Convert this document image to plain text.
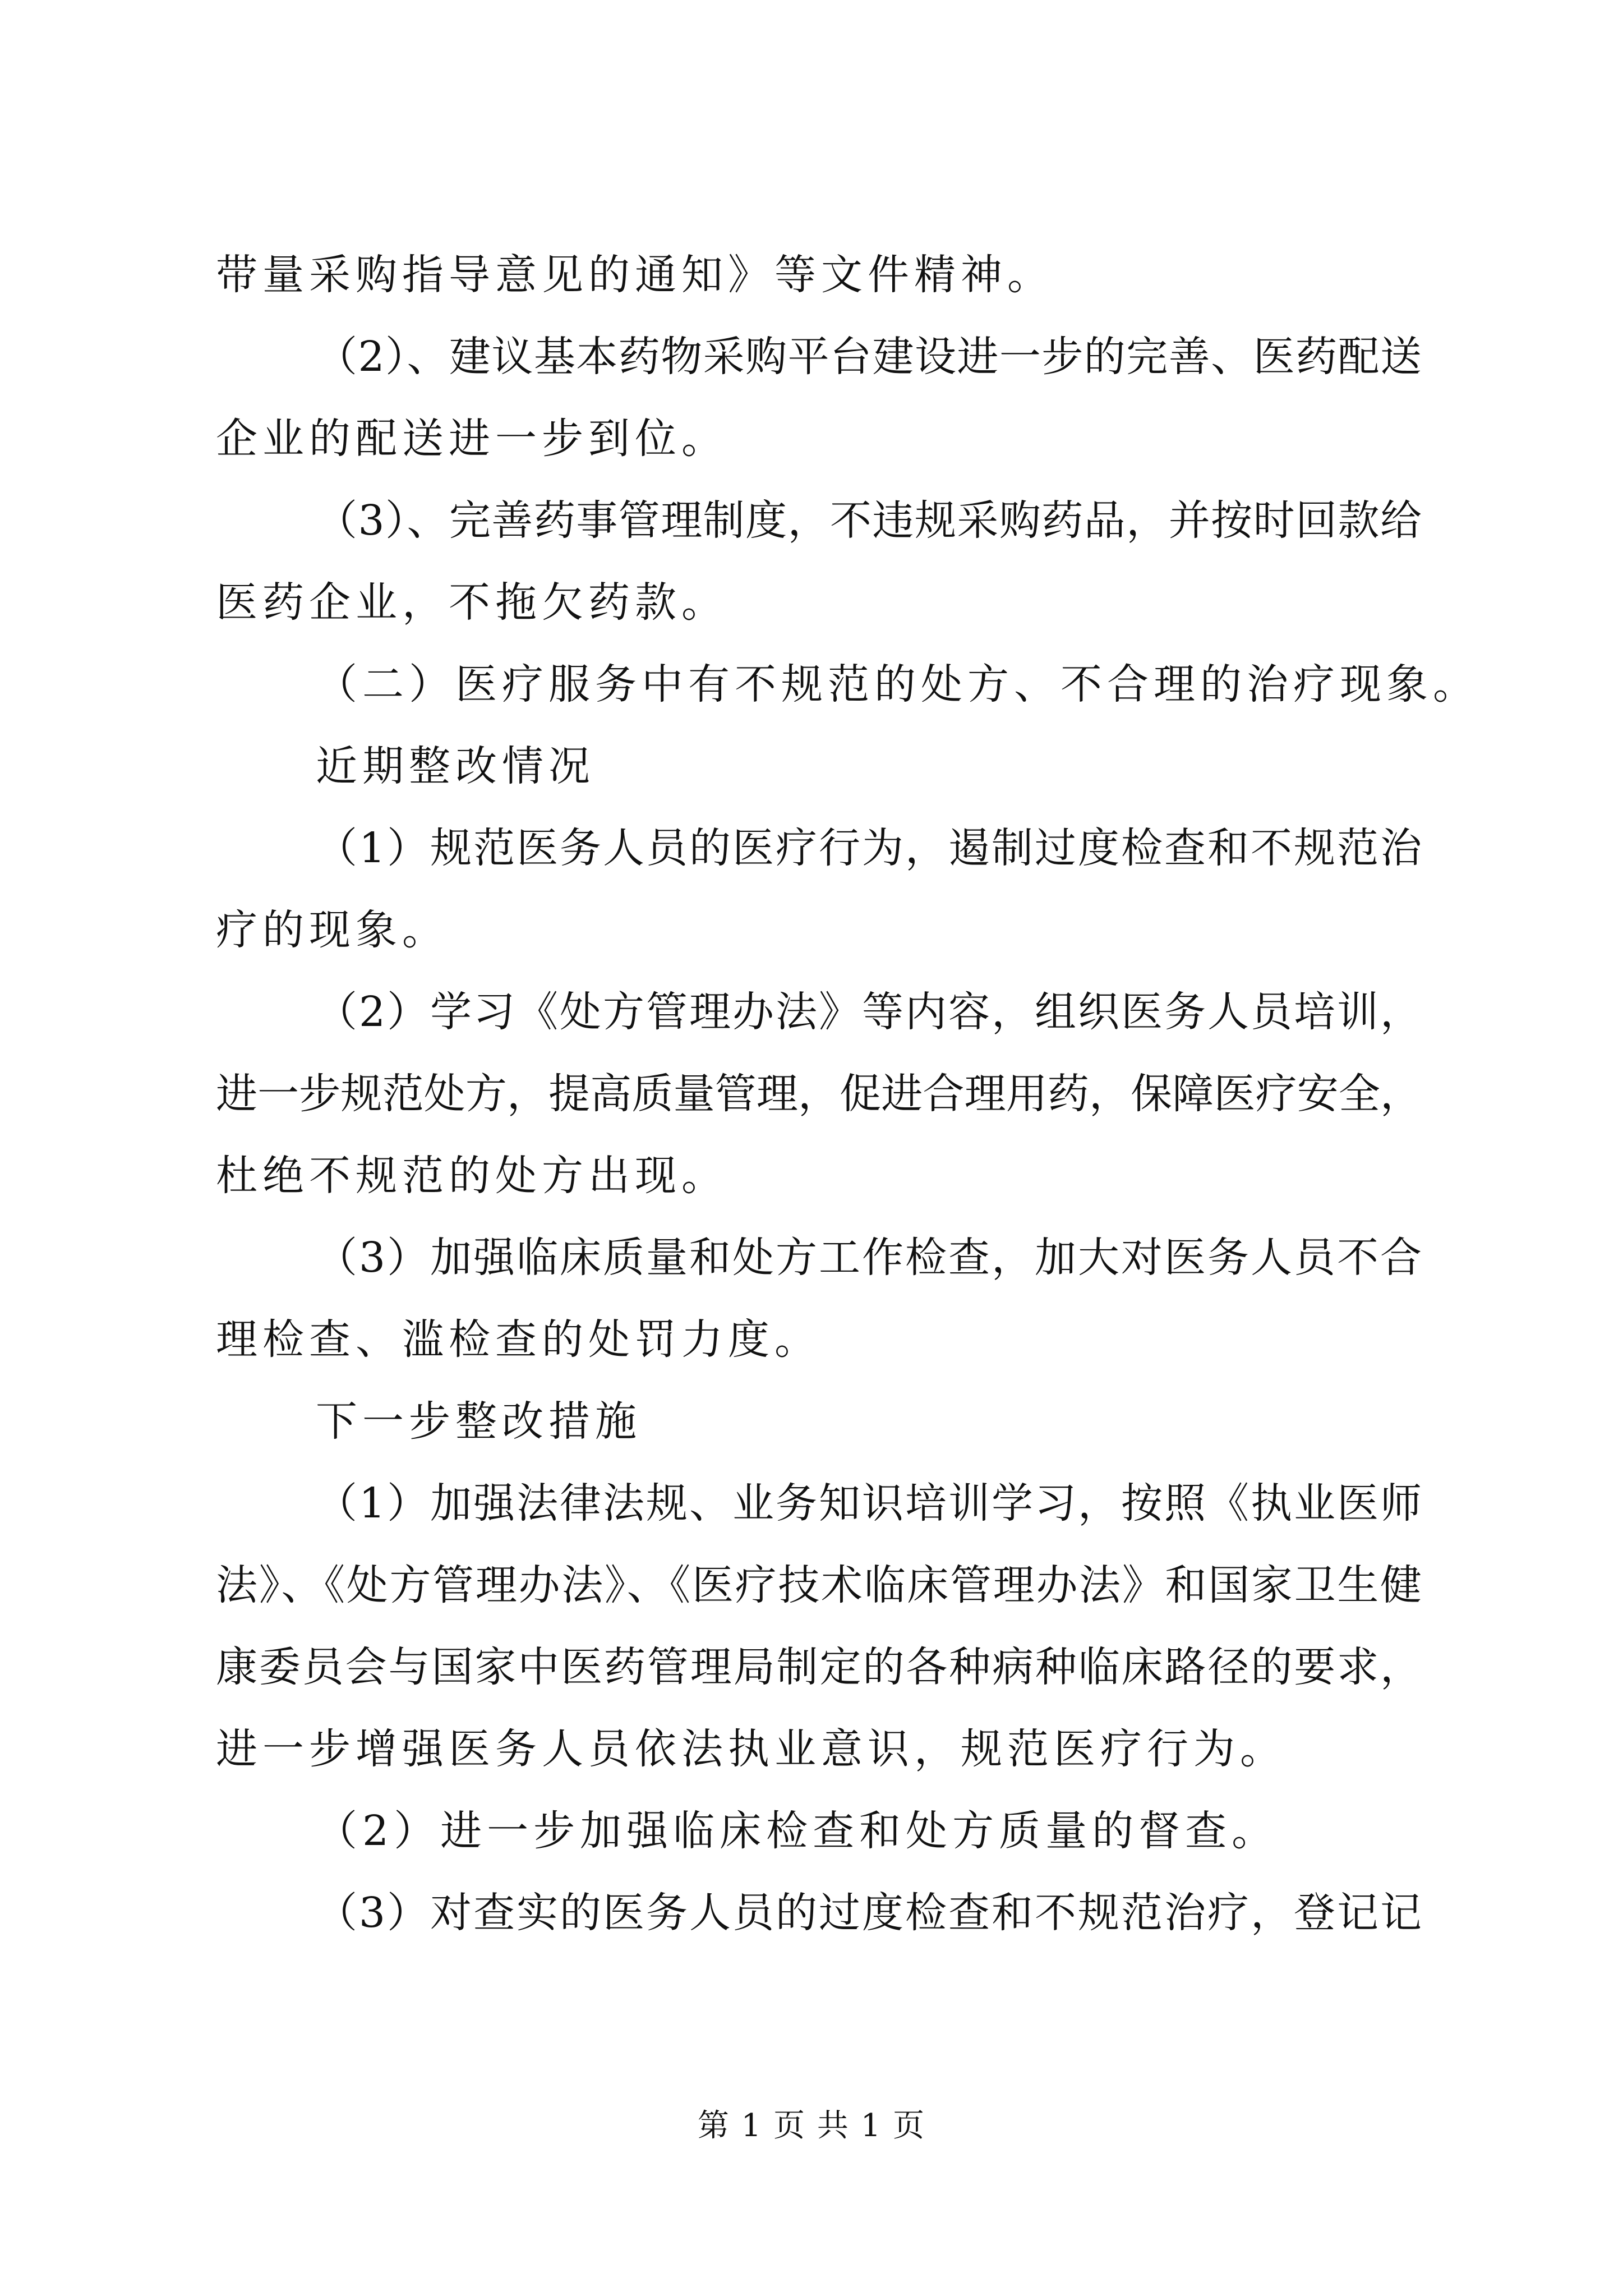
带量采购指导意见的通知》等文件精神。
（2）、建议基本药物采购平台建设进一步的完善、医药配送
企业的配送进一步到位。
（3）、完善药事管理制度，不违规采购药品，并按时回款给
医药企业，不拖欠药款。
（二）医疗服务中有不规范的处方、不合理的治疗现象。
近期整改情况
（1）规范医务人员的医疗行为，遏制过度检查和不规范治
疗的现象。
（2）学习《处方管理办法》等内容，组织医务人员培训，
进一步规范处方，提高质量管理，促进合理用药，保障医疗安全，
杜绝不规范的处方出现。
（3）加强临床质量和处方工作检查，加大对医务人员不合
理检查、滥检查的处罚力度。
下一步整改措施
（1）加强法律法规、业务知识培训学习，按照《执业医师
法》、《处方管理办法》、《医疗技术临床管理办法》和国家卫生健
康委员会与国家中医药管理局制定的各种病种临床路径的要求，
进一步增强医务人员依法执业意识，规范医疗行为。
（2）进一步加强临床检查和处方质量的督查。
（3）对查实的医务人员的过度检查和不规范治疗，登记记
第 1 页 共 1 页
